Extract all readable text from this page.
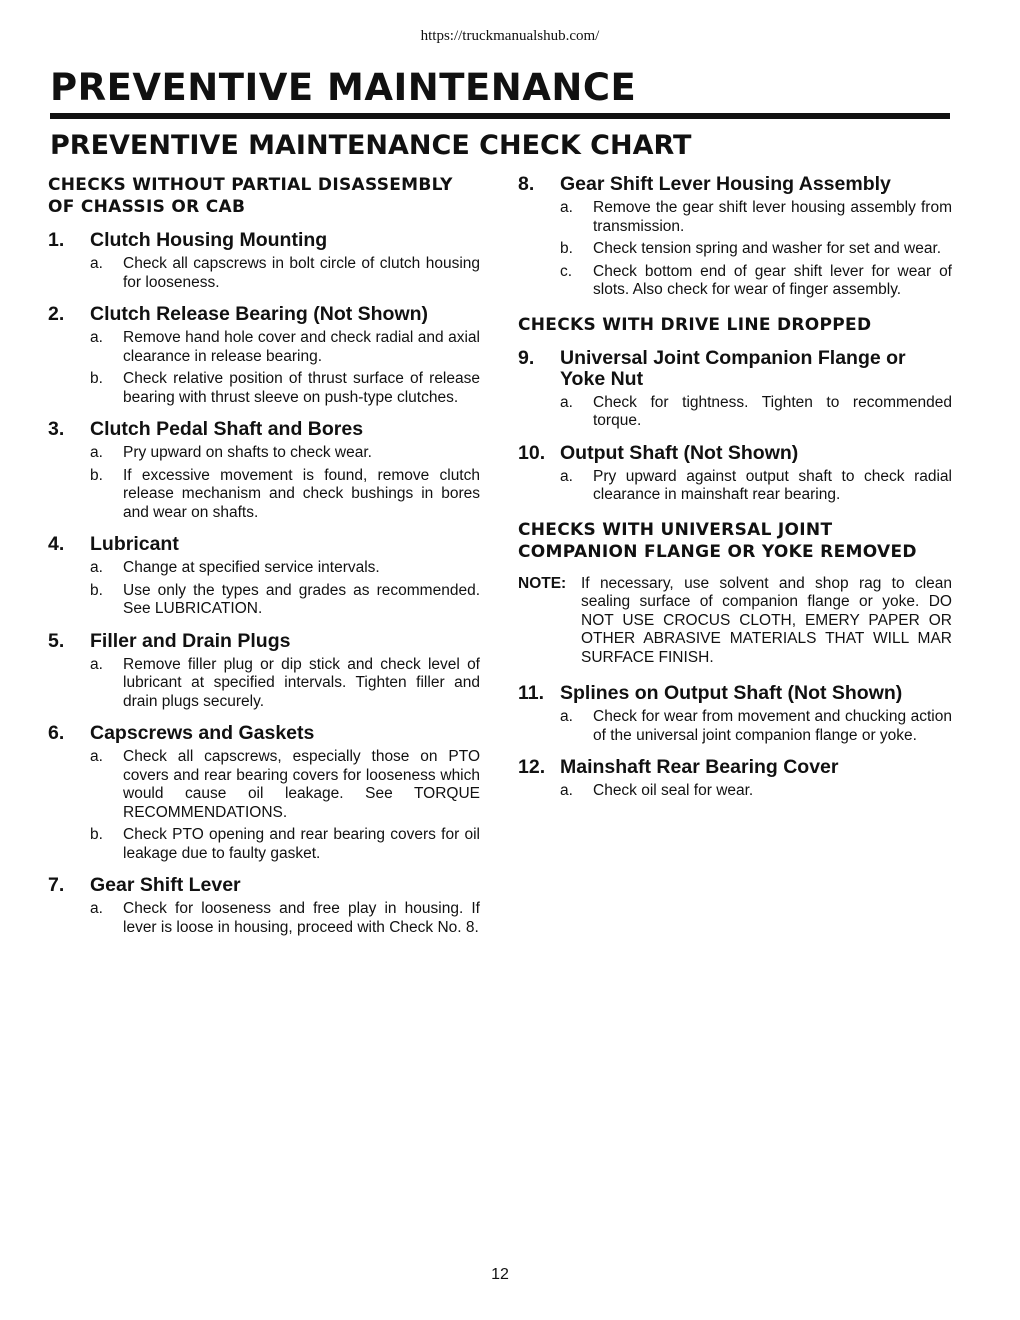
https://truckmanualshub.com/
PREVENTIVE MAINTENANCE
PREVENTIVE MAINTENANCE CHECK CHART
CHECKS WITHOUT PARTIAL DISASSEMBLY OF CHASSIS OR CAB
1.	Clutch Housing Mounting
a.	Check all capscrews in bolt circle of clutch housing for looseness.
2.	Clutch Release Bearing (Not Shown)
a.	Remove hand hole cover and check radial and axial clearance in release bearing.
b.	Check relative position of thrust surface of release bearing with thrust sleeve on push-type clutches.
3.	Clutch Pedal Shaft and Bores
a.	Pry upward on shafts to check wear.
b.	If excessive movement is found, remove clutch release mechanism and check bushings in bores and wear on shafts.
4.	Lubricant
a.	Change at specified service intervals.
b.	Use only the types and grades as recommended. See LUBRICATION.
5.	Filler and Drain Plugs
a.	Remove filler plug or dip stick and check level of lubricant at specified intervals. Tighten filler and drain plugs securely.
6.	Capscrews and Gaskets
a.	Check all capscrews, especially those on PTO covers and rear bearing covers for looseness which would cause oil leakage. See TORQUE RECOMMENDATIONS.
b.	Check PTO opening and rear bearing covers for oil leakage due to faulty gasket.
7.	Gear Shift Lever
a.	Check for looseness and free play in housing. If lever is loose in housing, proceed with Check No. 8.
8.	Gear Shift Lever Housing Assembly
a.	Remove the gear shift lever housing assembly from transmission.
b.	Check tension spring and washer for set and wear.
c.	Check bottom end of gear shift lever for wear of slots. Also check for wear of finger assembly.
CHECKS WITH DRIVE LINE DROPPED
9.	Universal Joint Companion Flange or Yoke Nut
a.	Check for tightness. Tighten to recommended torque.
10. Output Shaft (Not Shown)
a.	Pry upward against output shaft to check radial clearance in mainshaft rear bearing.
CHECKS WITH UNIVERSAL JOINT COMPANION FLANGE OR YOKE REMOVED
NOTE: If necessary, use solvent and shop rag to clean sealing surface of companion flange or yoke. DO NOT USE CROCUS CLOTH, EMERY PAPER OR OTHER ABRASIVE MATERIALS THAT WILL MAR SURFACE FINISH.
11. Splines on Output Shaft (Not Shown)
a.	Check for wear from movement and chucking action of the universal joint companion flange or yoke.
12. Mainshaft Rear Bearing Cover
a.	Check oil seal for wear.
12
